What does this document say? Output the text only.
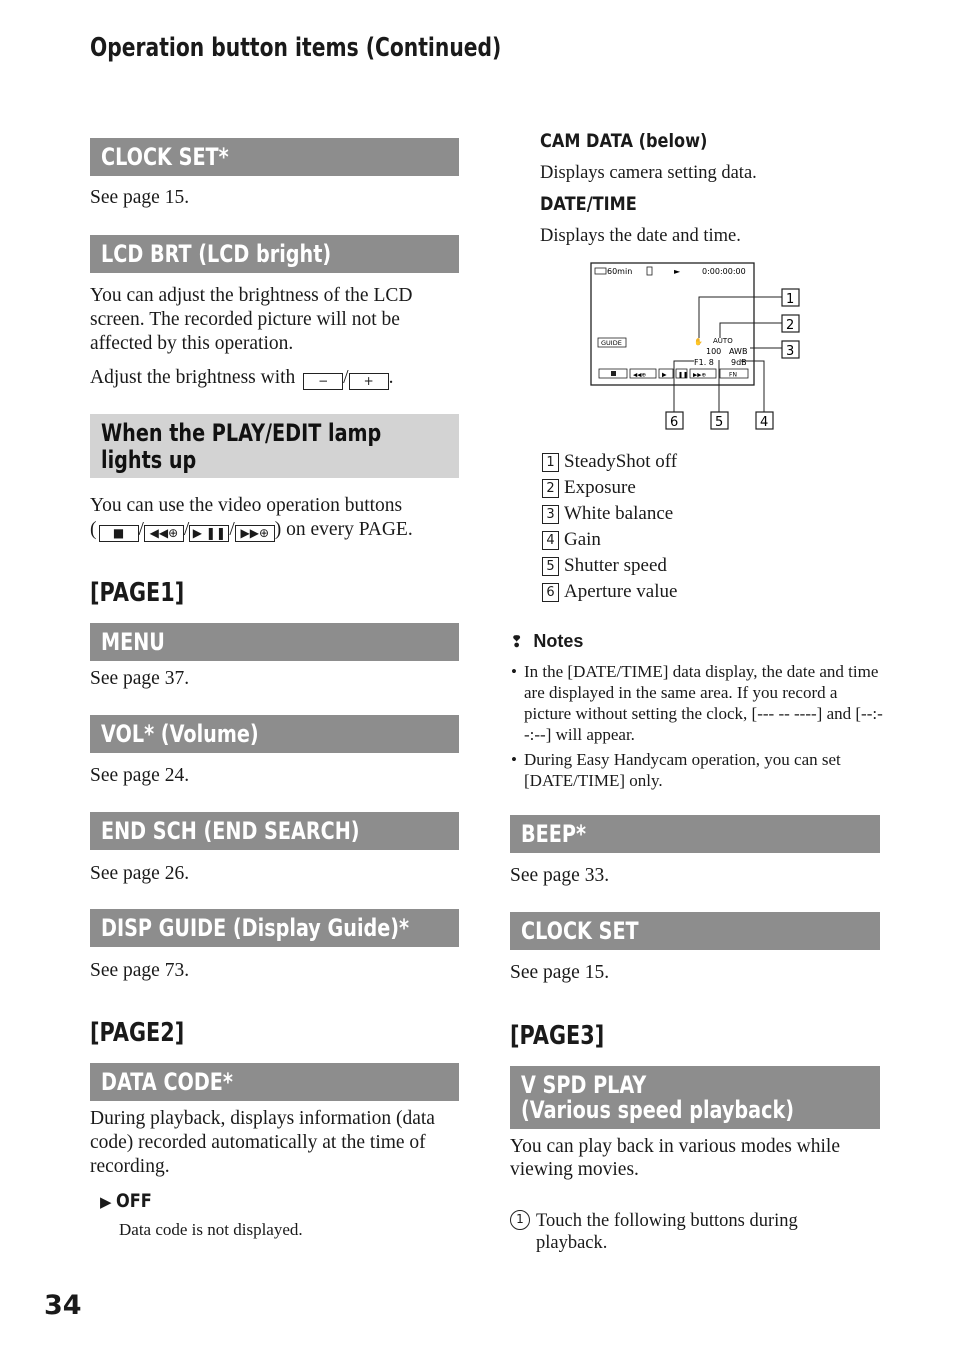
Operation button items (Continued)
CLOCK SET*
See page 15.
LCD BRT (LCD bright)
You can adjust the brightness of the LCD screen. The recorded picture will not be affected by this operation.
Adjust the brightness with − / + .
When the PLAY/EDIT lamp lights up
You can use the video operation buttons
( ■ / ◀◀⊕ / ▶ ❚❚ / ▶▶⊕ ) on every PAGE.
[PAGE1]
MENU
See page 37.
VOL* (Volume)
See page 24.
END SCH (END SEARCH)
See page 26.
DISP GUIDE (Display Guide)*
See page 73.
[PAGE2]
DATA CODE*
During playback, displays information (data code) recorded automatically at the time of recording.
▶ OFF
Data code is not displayed.
CAM DATA (below)
Displays camera setting data.
DATE/TIME
Displays the date and time.
60min	►	0:00:00:00
GUIDE	✋ AUTO
100 AWB
F1. 8 9dB
◀◀⊕	▶ ❚❚ ▶▶⊕	FN
1
2
3
6	5	4
1 SteadyShot off
2 Exposure
3 White balance
4 Gain
5 Shutter speed
6 Aperture value
❢ Notes
• In the [DATE/TIME] data display, the date and time are displayed in the same area. If you record a picture without setting the clock, [--- -- ----] and [--:--:--] will appear.
• During Easy Handycam operation, you can set [DATE/TIME] only.
BEEP*
See page 33.
CLOCK SET
See page 15.
[PAGE3]
V SPD PLAY
(Various speed playback)
You can play back in various modes while viewing movies.
1 Touch the following buttons during playback.
34
